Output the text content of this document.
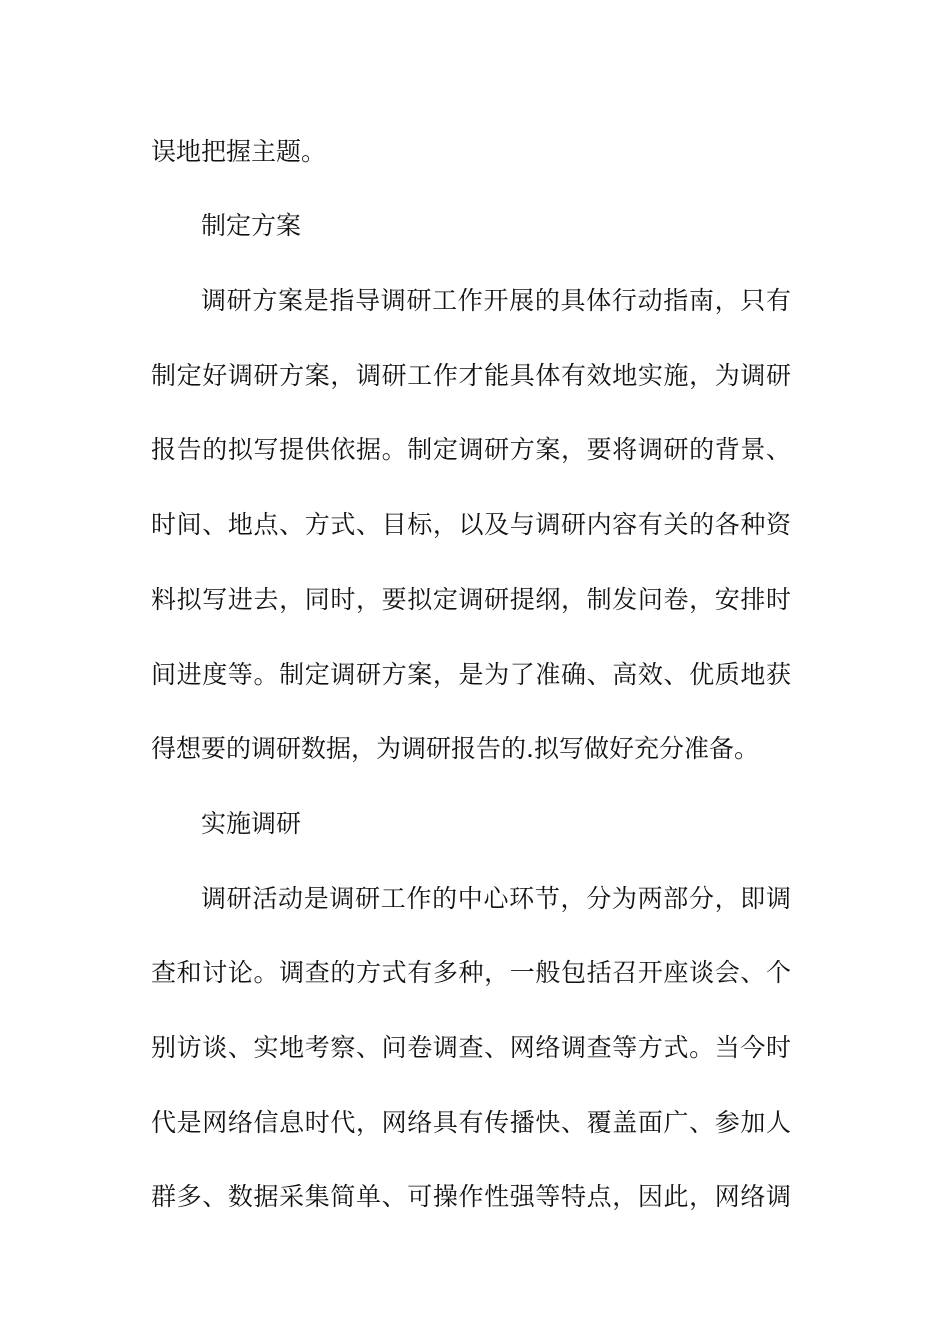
误地把握主题。
制定方案
调研方案是指导调研工作开展的具体行动指南，只有
制定好调研方案，调研工作才能具体有效地实施，为调研
报告的拟写提供依据。制定调研方案，要将调研的背景、
时间、地点、方式、目标，以及与调研内容有关的各种资
料拟写进去，同时，要拟定调研提纲，制发问卷，安排时
间进度等。制定调研方案，是为了准确、高效、优质地获
得想要的调研数据，为调研报告的.拟写做好充分准备。
实施调研
调研活动是调研工作的中心环节，分为两部分，即调
查和讨论。调查的方式有多种，一般包括召开座谈会、个
别访谈、实地考察、问卷调查、网络调查等方式。当今时
代是网络信息时代，网络具有传播快、覆盖面广、参加人
群多、数据采集简单、可操作性强等特点，因此，网络调
